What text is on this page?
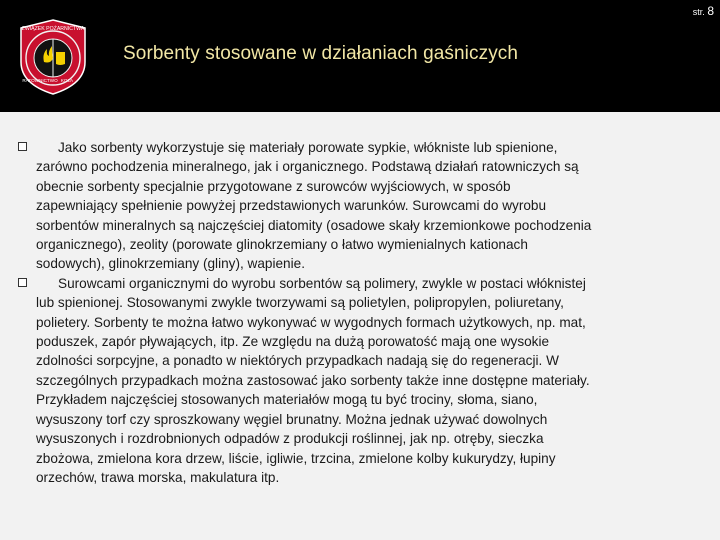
str. 8
ZWIĄZEK POŻARNICTWA
RATOWNICTWO KOŁA
Sorbenty stosowane w działaniach gaśniczych
Jako sorbenty wykorzystuje się materiały porowate sypkie, włókniste lub spienione,
zarówno pochodzenia mineralnego, jak i organicznego. Podstawą działań ratowniczych są
obecnie sorbenty specjalnie przygotowane z surowców wyjściowych, w sposób
zapewniający spełnienie powyżej przedstawionych warunków. Surowcami do wyrobu
sorbentów mineralnych są najczęściej diatomity (osadowe skały krzemionkowe pochodzenia
organicznego), zeolity (porowate glinokrzemiany o łatwo wymienialnych kationach
sodowych), glinokrzemiany (gliny), wapienie.
Surowcami organicznymi do wyrobu sorbentów są polimery, zwykle w postaci włóknistej
lub spienionej. Stosowanymi zwykle tworzywami są polietylen, polipropylen, poliuretany,
polietery. Sorbenty te można łatwo wykonywać w wygodnych formach użytkowych, np. mat,
poduszek, zapór pływających, itp. Ze względu na dużą porowatość mają one wysokie
zdolności sorpcyjne, a ponadto w niektórych przypadkach nadają się do regeneracji. W
szczególnych przypadkach można zastosować jako sorbenty także inne dostępne materiały.
Przykładem najczęściej stosowanych materiałów mogą tu być trociny, słoma, siano,
wysuszony torf czy sproszkowany węgiel brunatny. Można jednak używać dowolnych
wysuszonych i rozdrobnionych odpadów z produkcji roślinnej, jak np. otręby, sieczka
zbożowa, zmielona kora drzew, liście, igliwie, trzcina, zmielone kolby kukurydzy, łupiny
orzechów, trawa morska, makulatura itp.
